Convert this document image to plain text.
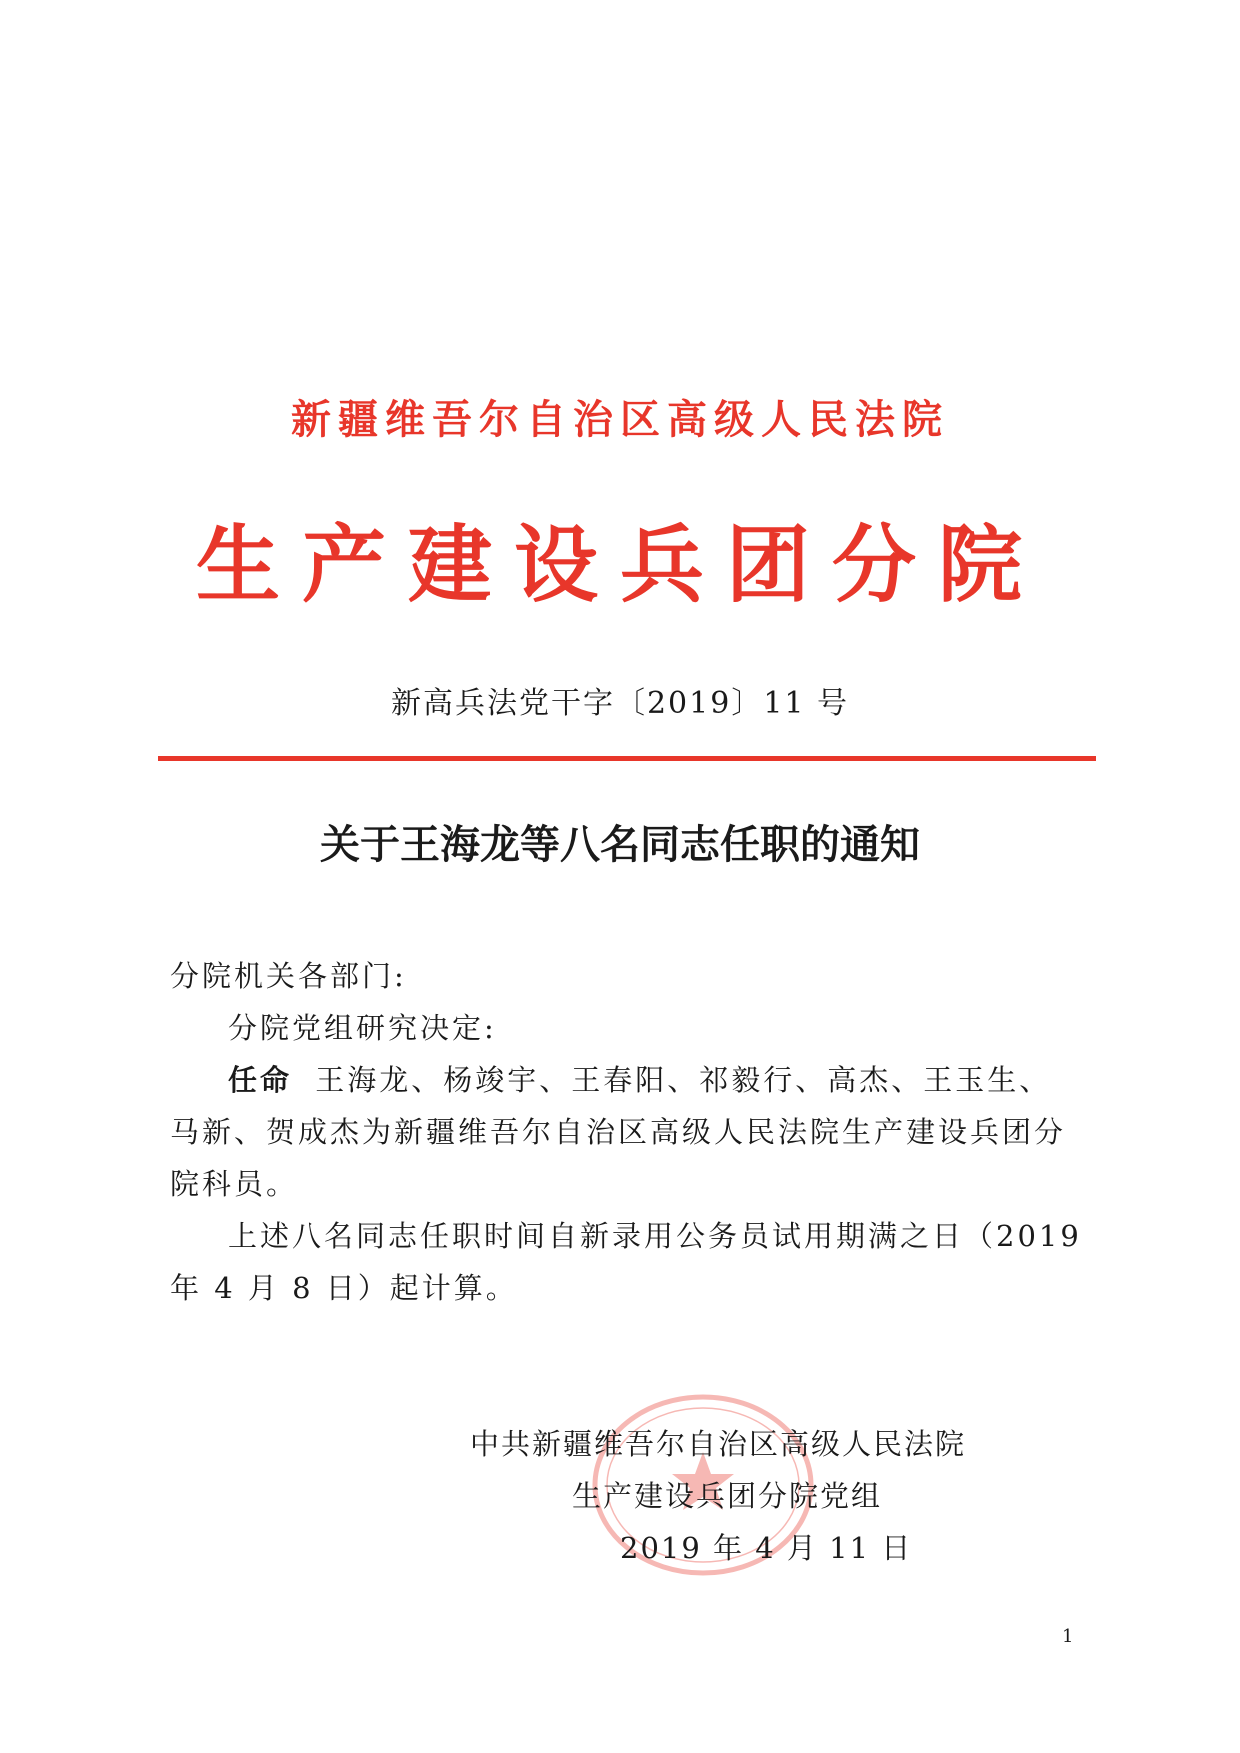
新疆维吾尔自治区高级人民法院
生产建设兵团分院
新高兵法党干字〔2019〕11 号
关于王海龙等八名同志任职的通知

分院机关各部门:

分院党组研究决定:

任命 王海龙、杨竣宇、王春阳、祁毅行、高杰、王玉生、马新、贺成杰为新疆维吾尔自治区高级人民法院生产建设兵团分院科员。

上述八名同志任职时间自新录用公务员试用期满之日（2019 年 4 月 8 日）起计算。

中共新疆维吾尔自治区高级人民法院
生产建设兵团分院党组
2019 年 4 月 11 日
1
